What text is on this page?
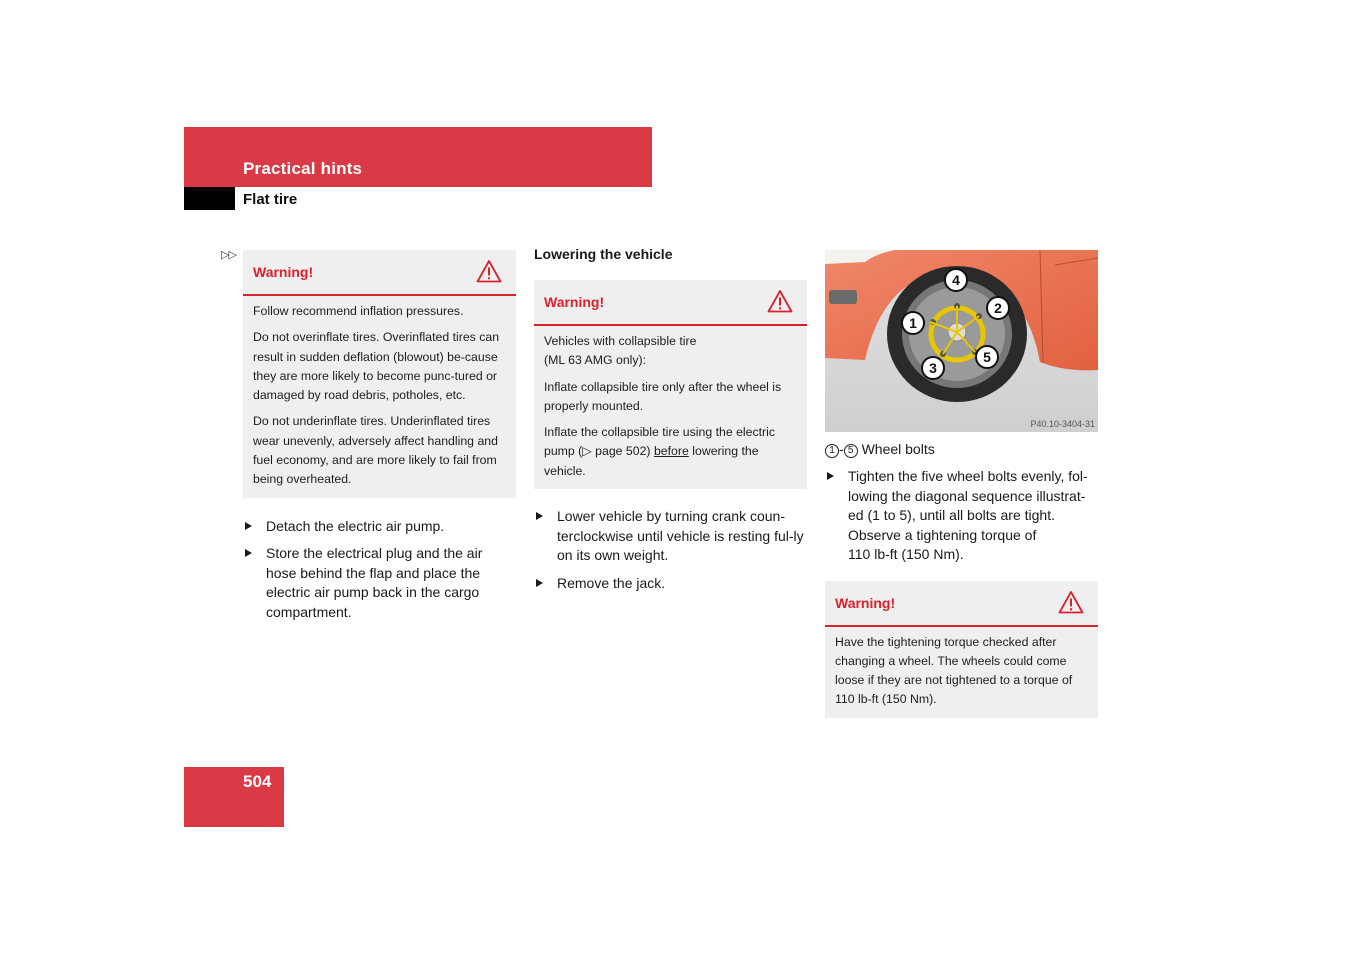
Practical hints
Flat tire
▷▷
Warning!

Follow recommend inflation pressures.

Do not overinflate tires. Overinflated tires can result in sudden deflation (blowout) be-cause they are more likely to become punc-tured or damaged by road debris, potholes, etc.

Do not underinflate tires. Underinflated tires wear unevenly, adversely affect handling and fuel economy, and are more likely to fail from being overheated.

Detach the electric air pump.
Store the electrical plug and the air hose behind the flap and place the electric air pump back in the cargo compartment.
Lowering the vehicle
Warning!

Vehicles with collapsible tire
(ML 63 AMG only):

Inflate collapsible tire only after the wheel is properly mounted.

Inflate the collapsible tire using the electric pump (▷ page 502) before lowering the vehicle.

Lower vehicle by turning crank coun-terclockwise until vehicle is resting ful-ly on its own weight.
Remove the jack.
1
2
3
4
5
P40.10-3404-31
1 - 5 Wheel bolts
Tighten the five wheel bolts evenly, fol-
lowing the diagonal sequence illustrat-
ed (1 to 5), until all bolts are tight.
Observe a tightening torque of
110 lb-ft (150 Nm).
Warning!

Have the tightening torque checked after changing a wheel. The wheels could come loose if they are not tightened to a torque of 110 lb-ft (150 Nm).

504
